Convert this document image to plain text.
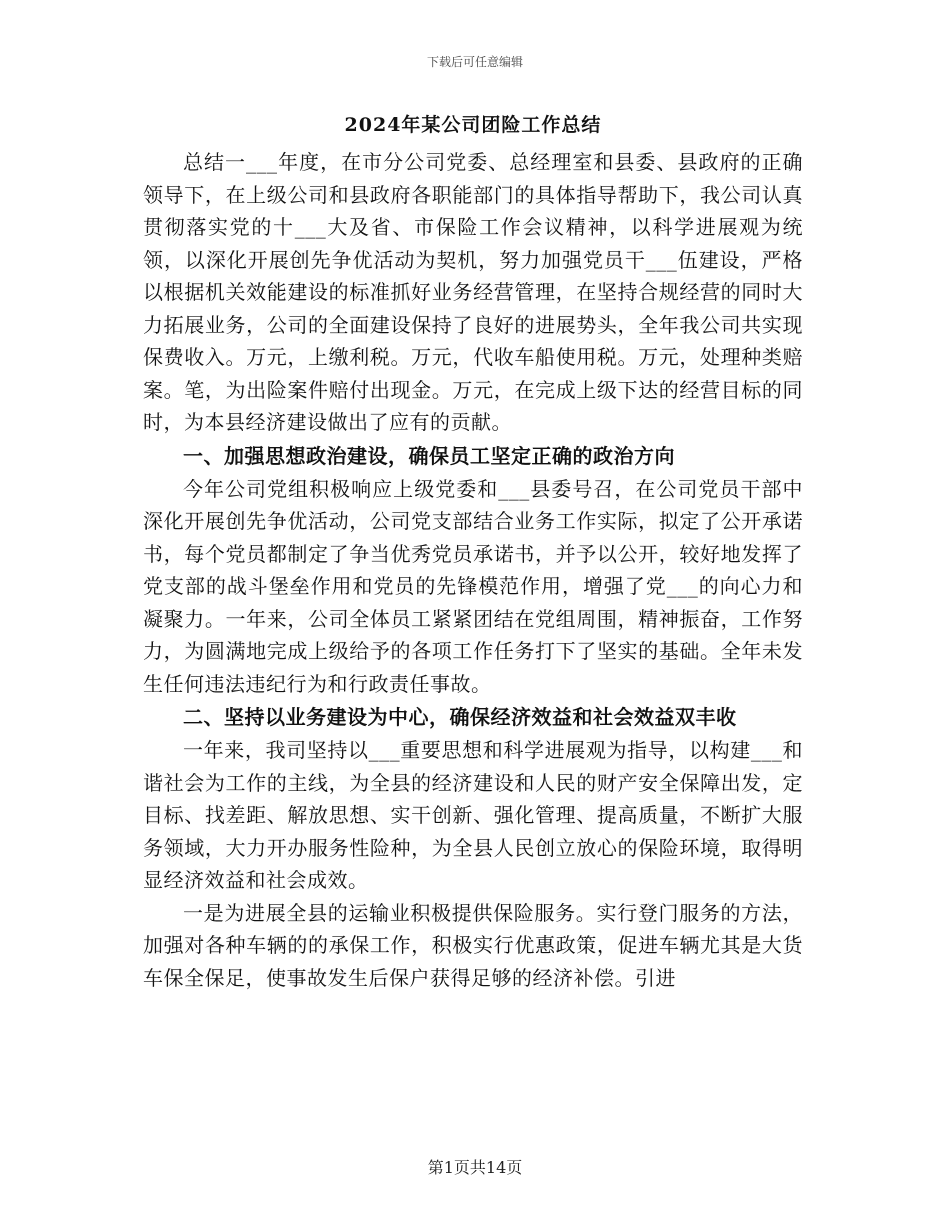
下载后可任意编辑
2024年某公司团险工作总结

总结一___年度，在市分公司党委、总经理室和县委、县政府的正确领导下，在上级公司和县政府各职能部门的具体指导帮助下，我公司认真贯彻落实党的十___大及省、市保险工作会议精神，以科学进展观为统领，以深化开展创先争优活动为契机，努力加强党员干___伍建设，严格以根据机关效能建设的标准抓好业务经营管理，在坚持合规经营的同时大力拓展业务，公司的全面建设保持了良好的进展势头，全年我公司共实现保费收入。万元，上缴利税。万元，代收车船使用税。万元，处理种类赔案。笔，为出险案件赔付出现金。万元，在完成上级下达的经营目标的同时，为本县经济建设做出了应有的贡献。

一、加强思想政治建设，确保员工坚定正确的政治方向

今年公司党组积极响应上级党委和___县委号召，在公司党员干部中深化开展创先争优活动，公司党支部结合业务工作实际，拟定了公开承诺书，每个党员都制定了争当优秀党员承诺书，并予以公开，较好地发挥了党支部的战斗堡垒作用和党员的先锋模范作用，增强了党___的向心力和凝聚力。一年来，公司全体员工紧紧团结在党组周围，精神振奋，工作努力，为圆满地完成上级给予的各项工作任务打下了坚实的基础。全年未发生任何违法违纪行为和行政责任事故。

二、坚持以业务建设为中心，确保经济效益和社会效益双丰收

一年来，我司坚持以___重要思想和科学进展观为指导，以构建___和谐社会为工作的主线，为全县的经济建设和人民的财产安全保障出发，定目标、找差距、解放思想、实干创新、强化管理、提高质量，不断扩大服务领域，大力开办服务性险种，为全县人民创立放心的保险环境，取得明显经济效益和社会成效。

一是为进展全县的运输业积极提供保险服务。实行登门服务的方法，加强对各种车辆的的承保工作，积极实行优惠政策，促进车辆尤其是大货车保全保足，使事故发生后保户获得足够的经济补偿。引进

第1页共14页
